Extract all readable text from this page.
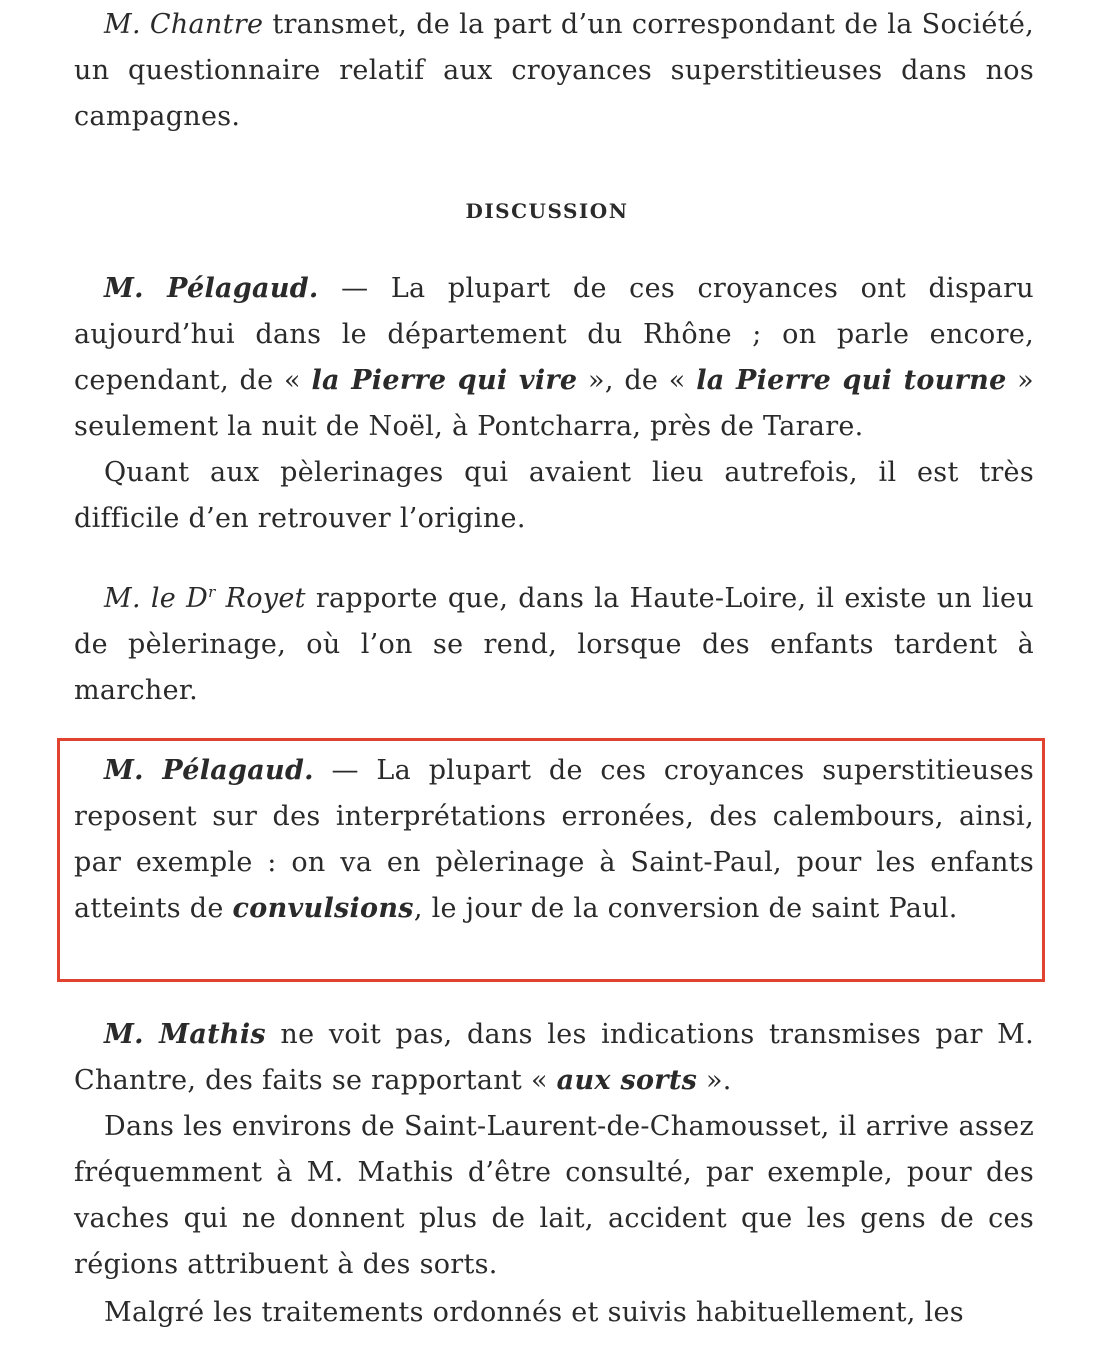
M. Chantre transmet, de la part d’un correspondant de la Société, un questionnaire relatif aux croyances superstitieuses dans nos campagnes.

DISCUSSION

M. Pélagaud. — La plupart de ces croyances ont disparu aujourd’hui dans le département du Rhône ; on parle encore, cependant, de « la Pierre qui vire », de « la Pierre qui tourne » seulement la nuit de Noël, à Pontcharra, près de Tarare.

Quant aux pèlerinages qui avaient lieu autrefois, il est très difficile d’en retrouver l’origine.

M. le $D^r$ Royet rapporte que, dans la Haute-Loire, il existe un lieu de pèlerinage, où l’on se rend, lorsque des enfants tardent à marcher.

M. Pélagaud. — La plupart de ces croyances superstitieuses reposent sur des interprétations erronées, des calembours, ainsi, par exemple : on va en pèlerinage à Saint-Paul, pour les enfants atteints de convulsions, le jour de la conversion de saint Paul.

M. Mathis ne voit pas, dans les indications transmises par M. Chantre, des faits se rapportant « aux sorts ».

Dans les environs de Saint-Laurent-de-Chamousset, il arrive assez fréquemment à M. Mathis d’être consulté, par exemple, pour des vaches qui ne donnent plus de lait, accident que les gens de ces régions attribuent à des sorts.

Malgré les traitements ordonnés et suivis habituellement, les
